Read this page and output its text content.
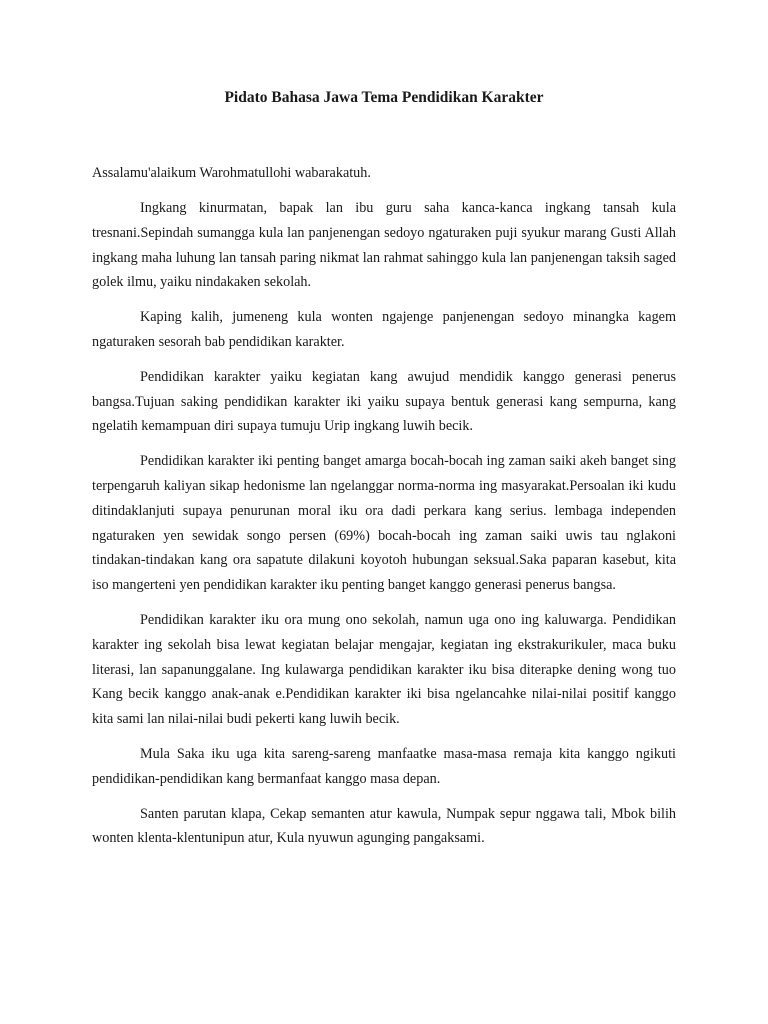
Pidato Bahasa Jawa Tema Pendidikan Karakter

Assalamu'alaikum Warohmatullohi wabarakatuh.

Ingkang kinurmatan, bapak lan ibu guru saha kanca-kanca ingkang tansah kula tresnani.Sepindah sumangga kula lan panjenengan sedoyo ngaturaken puji syukur marang Gusti Allah ingkang maha luhung lan tansah paring nikmat lan rahmat sahinggo kula lan panjenengan taksih saged golek ilmu, yaiku nindakaken sekolah.

Kaping kalih, jumeneng kula wonten ngajenge panjenengan sedoyo minangka kagem ngaturaken sesorah bab pendidikan karakter.

Pendidikan karakter yaiku kegiatan kang awujud mendidik kanggo generasi penerus bangsa.Tujuan saking pendidikan karakter iki yaiku supaya bentuk generasi kang sempurna, kang ngelatih kemampuan diri supaya tumuju Urip ingkang luwih becik.

Pendidikan karakter iki penting banget amarga bocah-bocah ing zaman saiki akeh banget sing terpengaruh kaliyan sikap hedonisme lan ngelanggar norma-norma ing masyarakat.Persoalan iki kudu ditindaklanjuti supaya penurunan moral iku ora dadi perkara kang serius. lembaga independen ngaturaken yen sewidak songo persen (69%) bocah-bocah ing zaman saiki uwis tau nglakoni tindakan-tindakan kang ora sapatute dilakuni koyotoh hubungan seksual.Saka paparan kasebut, kita iso mangerteni yen pendidikan karakter iku penting banget kanggo generasi penerus bangsa.

Pendidikan karakter iku ora mung ono sekolah, namun uga ono ing kaluwarga. Pendidikan karakter ing sekolah bisa lewat kegiatan belajar mengajar, kegiatan ing ekstrakurikuler, maca buku literasi, lan sapanunggalane. Ing kulawarga pendidikan karakter iku bisa diterapke dening wong tuo Kang becik kanggo anak-anak e.Pendidikan karakter iki bisa ngelancahke nilai-nilai positif kanggo kita sami lan nilai-nilai budi pekerti kang luwih becik.

Mula Saka iku uga kita sareng-sareng manfaatke masa-masa remaja kita kanggo ngikuti pendidikan-pendidikan kang bermanfaat kanggo masa depan.

Santen parutan klapa, Cekap semanten atur kawula, Numpak sepur nggawa tali, Mbok bilih wonten klenta-klentunipun atur, Kula nyuwun agunging pangaksami.
